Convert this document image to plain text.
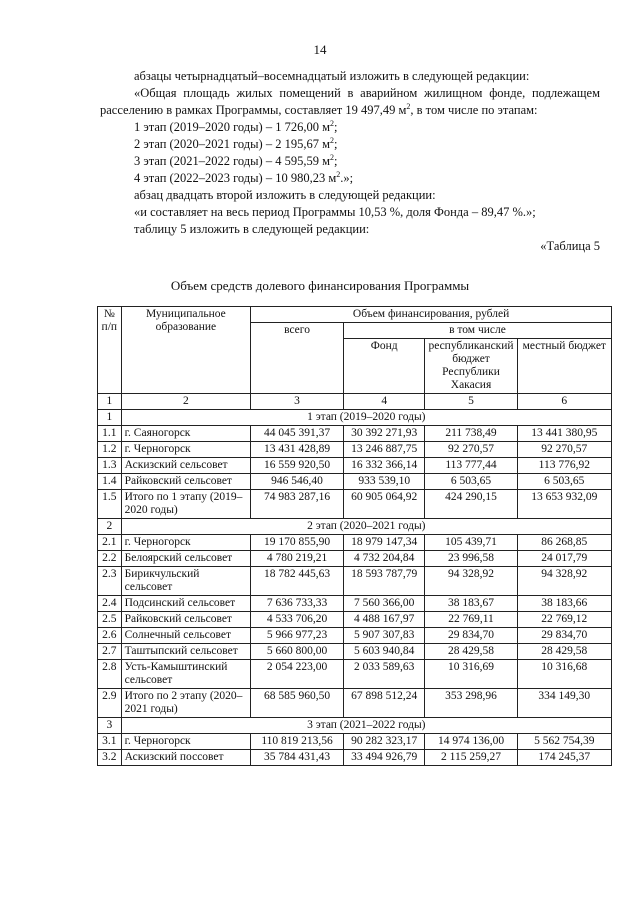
14

абзацы четырнадцатый–восемнадцатый изложить в следующей редакции:

«Общая площадь жилых помещений в аварийном жилищном фонде, подлежащем расселению в рамках Программы, составляет 19 497,49 $м^2$, в том числе по этапам:

1 этап (2019–2020 годы) – 1 726,00 $м^2$;

2 этап (2020–2021 годы) – 2 195,67 $м^2$;

3 этап (2021–2022 годы) – 4 595,59 $м^2$;

4 этап (2022–2023 годы) – 10 980,23 $м^2$.»;

абзац двадцать второй изложить в следующей редакции:

«и составляет на весь период Программы 10,53 %, доля Фонда – 89,47 %.»;

таблицу 5 изложить в следующей редакции:

«Таблица 5

Объем средств долевого финансирования Программы
№ п/п	Муниципальное образование	Объем финансирования, рублей			
		всего	в том числе		
			Фонд	республиканский бюджет Республики Хакасия	местный бюджет
1	2	3	4	5	6
1	1 этап (2019–2020 годы)				
1.1	г. Саяногорск	44 045 391,37	30 392 271,93	211 738,49	13 441 380,95
1.2	г. Черногорск	13 431 428,89	13 246 887,75	92 270,57	92 270,57
1.3	Аскизский сельсовет	16 559 920,50	16 332 366,14	113 777,44	113 776,92
1.4	Райковский сельсовет	946 546,40	933 539,10	6 503,65	6 503,65
1.5	Итого по 1 этапу (2019–2020 годы)	74 983 287,16	60 905 064,92	424 290,15	13 653 932,09
2	2 этап (2020–2021 годы)				
2.1	г. Черногорск	19 170 855,90	18 979 147,34	105 439,71	86 268,85
2.2	Белоярский сельсовет	4 780 219,21	4 732 204,84	23 996,58	24 017,79
2.3	Бирикчульский сельсовет	18 782 445,63	18 593 787,79	94 328,92	94 328,92
2.4	Подсинский сельсовет	7 636 733,33	7 560 366,00	38 183,67	38 183,66
2.5	Райковский сельсовет	4 533 706,20	4 488 167,97	22 769,11	22 769,12
2.6	Солнечный сельсовет	5 966 977,23	5 907 307,83	29 834,70	29 834,70
2.7	Таштыпский сельсовет	5 660 800,00	5 603 940,84	28 429,58	28 429,58
2.8	Усть-Камыштинский сельсовет	2 054 223,00	2 033 589,63	10 316,69	10 316,68
2.9	Итого по 2 этапу (2020–2021 годы)	68 585 960,50	67 898 512,24	353 298,96	334 149,30
3	3 этап (2021–2022 годы)				
3.1	г. Черногорск	110 819 213,56	90 282 323,17	14 974 136,00	5 562 754,39
3.2	Аскизский поссовет	35 784 431,43	33 494 926,79	2 115 259,27	174 245,37
